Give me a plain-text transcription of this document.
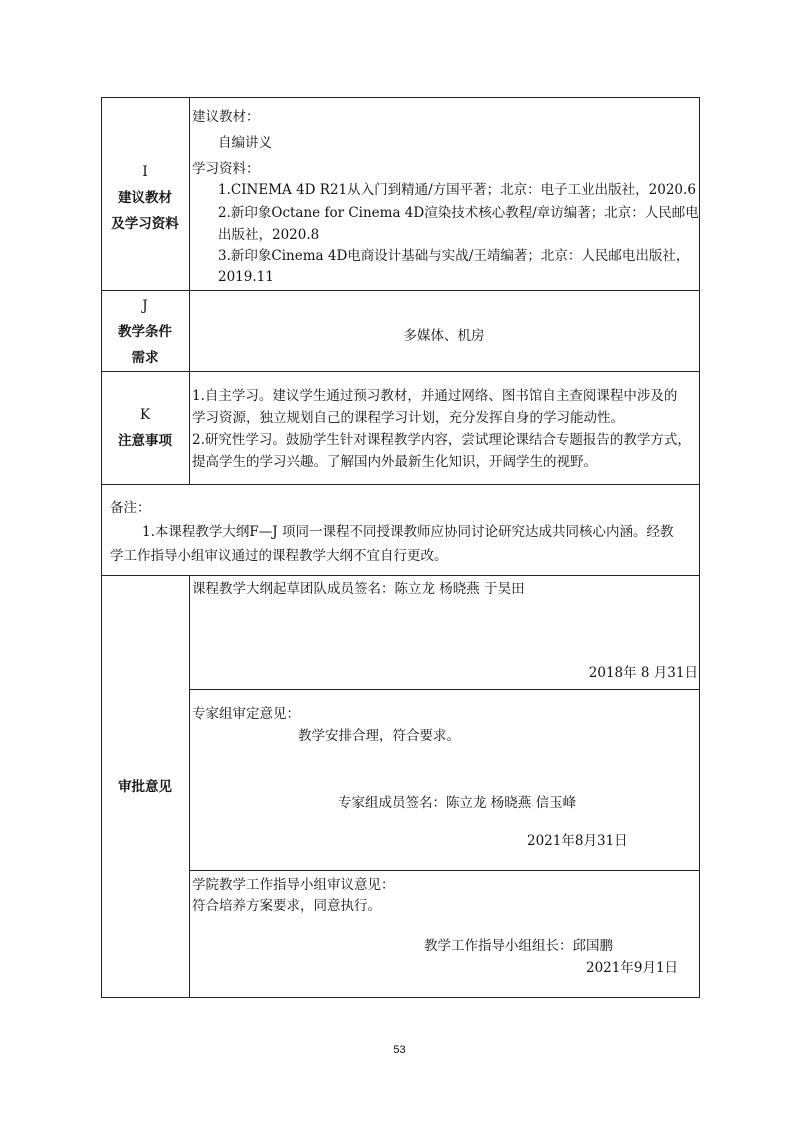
I
建议教材
及学习资料
建议教材：
自编讲义
学习资料：
1.CINEMA 4D R21从入门到精通/方国平著；北京：电子工业出版社，2020.6
2.新印象Octane for Cinema 4D渲染技术核心教程/章访编著；北京：人民邮电
出版社，2020.8
3.新印象Cinema 4D电商设计基础与实战/王靖编著；北京：人民邮电出版社，
2019.11
J
教学条件
需求
多媒体、机房
K
注意事项
1.自主学习。建议学生通过预习教材，并通过网络、图书馆自主查阅课程中涉及的
学习资源，独立规划自己的课程学习计划，充分发挥自身的学习能动性。
2.研究性学习。鼓励学生针对课程教学内容，尝试理论课结合专题报告的教学方式，
提高学生的学习兴趣。了解国内外最新生化知识，开阔学生的视野。
备注：
1.本课程教学大纲F—J 项同一课程不同授课教师应协同讨论研究达成共同核心内涵。经教
学工作指导小组审议通过的课程教学大纲不宜自行更改。
审批意见
课程教学大纲起草团队成员签名：陈立龙 杨晓燕 于昊田
2018年 8 月31日
专家组审定意见：
教学安排合理，符合要求。
专家组成员签名：陈立龙 杨晓燕 信玉峰
2021年8月31日
学院教学工作指导小组审议意见：
符合培养方案要求，同意执行。
教学工作指导小组组长：邱国鹏
2021年9月1日
53
